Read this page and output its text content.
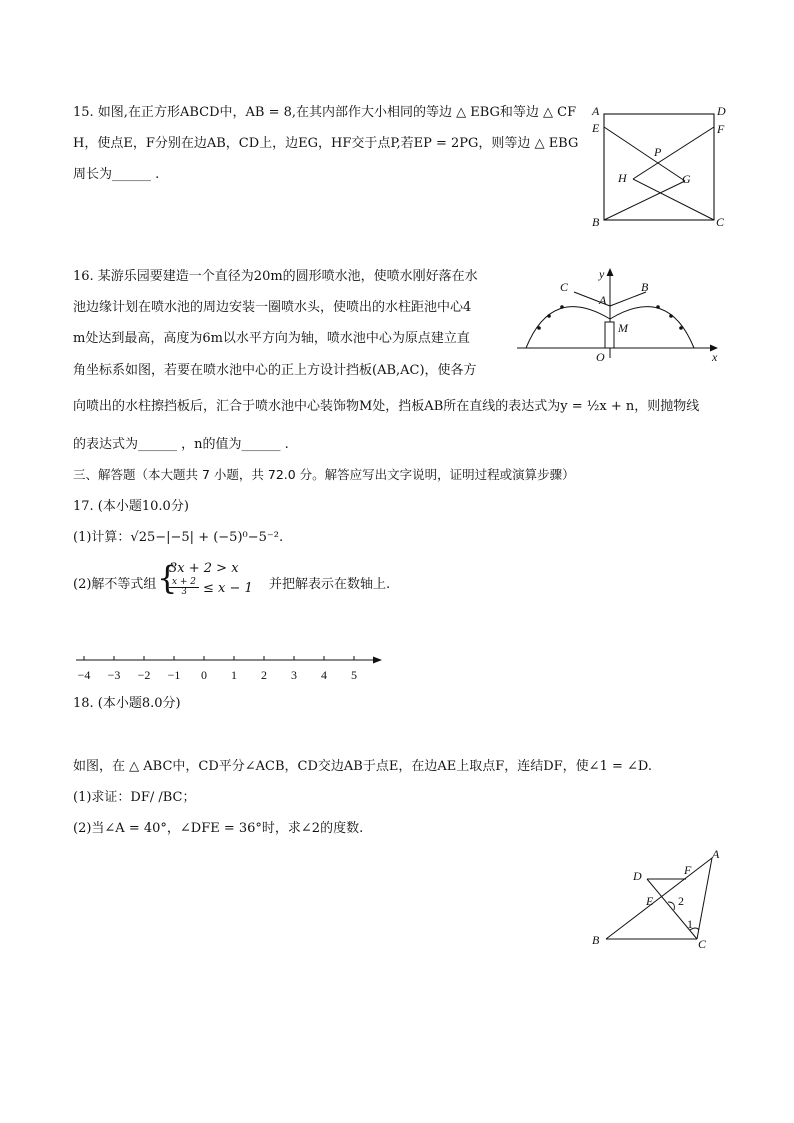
15. 如图,在正方形ABCD中，AB = 8,在其内部作大小相同的等边 △ EBG和等边 △ CF
H，使点E，F分别在边AB，CD上，边EG，HF交于点P,若EP = 2PG，则等边 △ EBG
周长为______ .
A	D
E	F
P
H	G
B	C
16. 某游乐园要建造一个直径为20m的圆形喷水池，使喷水刚好落在水
池边缘计划在喷水池的周边安装一圈喷水头，使喷出的水柱距池中心4
m处达到最高，高度为6m以水平方向为轴，喷水池中心为原点建立直
角坐标系如图，若要在喷水池中心的正上方设计挡板(AB,AC)，使各方
向喷出的水柱擦挡板后，汇合于喷水池中心装饰物M处，挡板AB所在直线的表达式为y = ½x + n，则抛物线
的表达式为______ ，n的值为______ .
y
x
C	B
A
M
O
三、解答题（本大题共 7 小题，共 72.0 分。解答应写出文字说明，证明过程或演算步骤）
17. (本小题10.0分)
(1)计算：√25−|−5| + (−5)⁰−5⁻².
(2)解不等式组 {
3x + 2 > x
$\frac{x + 2}{3} \le x - 1$ 并把解表示在数轴上.
−4 −3 −2 −1 0 1 2 3 4 5
18. (本小题8.0分)
如图，在 △ ABC中，CD平分∠ACB，CD交边AB于点E，在边AE上取点F，连结DF，使∠1 = ∠D.
(1)求证：DF/ /BC；
(2)当∠A = 40°，∠DFE = 36°时，求∠2的度数.
D	F
A
E 2
1
B	C
